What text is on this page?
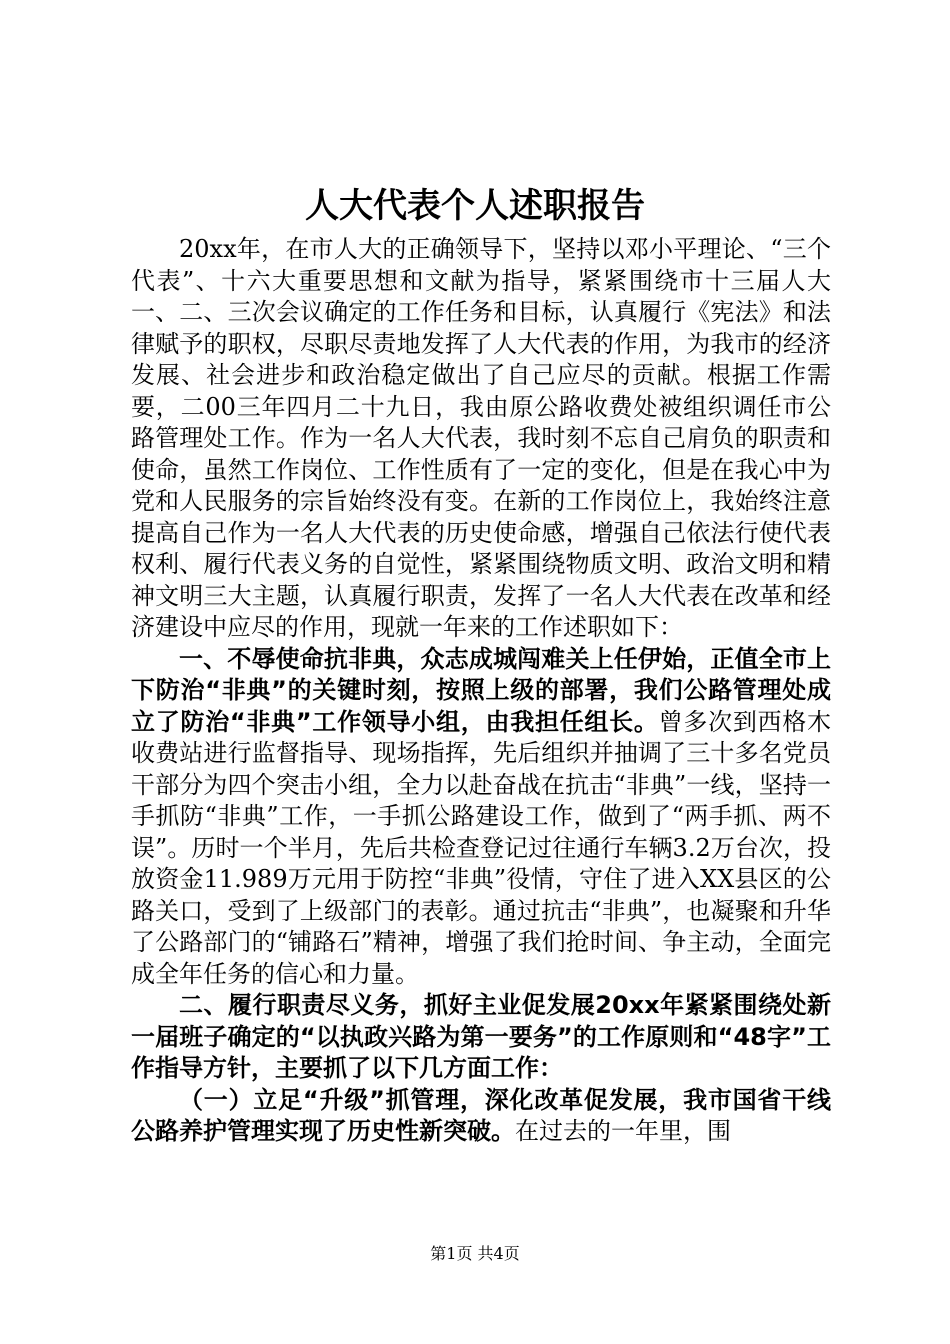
人大代表个人述职报告

20xx年，在市人大的正确领导下，坚持以邓小平理论、“三个代表”、十六大重要思想和文献为指导，紧紧围绕市十三届人大一、二、三次会议确定的工作任务和目标，认真履行《宪法》和法律赋予的职权，尽职尽责地发挥了人大代表的作用，为我市的经济发展、社会进步和政治稳定做出了自己应尽的贡献。根据工作需要，二00三年四月二十九日，我由原公路收费处被组织调任市公路管理处工作。作为一名人大代表，我时刻不忘自己肩负的职责和使命，虽然工作岗位、工作性质有了一定的变化，但是在我心中为党和人民服务的宗旨始终没有变。在新的工作岗位上，我始终注意提高自己作为一名人大代表的历史使命感，增强自己依法行使代表权利、履行代表义务的自觉性，紧紧围绕物质文明、政治文明和精神文明三大主题，认真履行职责，发挥了一名人大代表在改革和经济建设中应尽的作用，现就一年来的工作述职如下：

一、不辱使命抗非典，众志成城闯难关上任伊始，正值全市上下防治“非典”的关键时刻，按照上级的部署，我们公路管理处成立了防治“非典”工作领导小组，由我担任组长。曾多次到西格木收费站进行监督指导、现场指挥，先后组织并抽调了三十多名党员干部分为四个突击小组，全力以赴奋战在抗击“非典”一线，坚持一手抓防“非典”工作，一手抓公路建设工作，做到了“两手抓、两不误”。历时一个半月，先后共检查登记过往通行车辆3.2万台次，投放资金11.989万元用于防控“非典”役情，守住了进入XX县区的公路关口，受到了上级部门的表彰。通过抗击“非典”，也凝聚和升华了公路部门的“铺路石”精神，增强了我们抢时间、争主动，全面完成全年任务的信心和力量。

二、履行职责尽义务，抓好主业促发展20xx年紧紧围绕处新一届班子确定的“以执政兴路为第一要务”的工作原则和“48字”工作指导方针，主要抓了以下几方面工作：

（一）立足“升级”抓管理，深化改革促发展，我市国省干线公路养护管理实现了历史性新突破。在过去的一年里，围

第1页 共4页
